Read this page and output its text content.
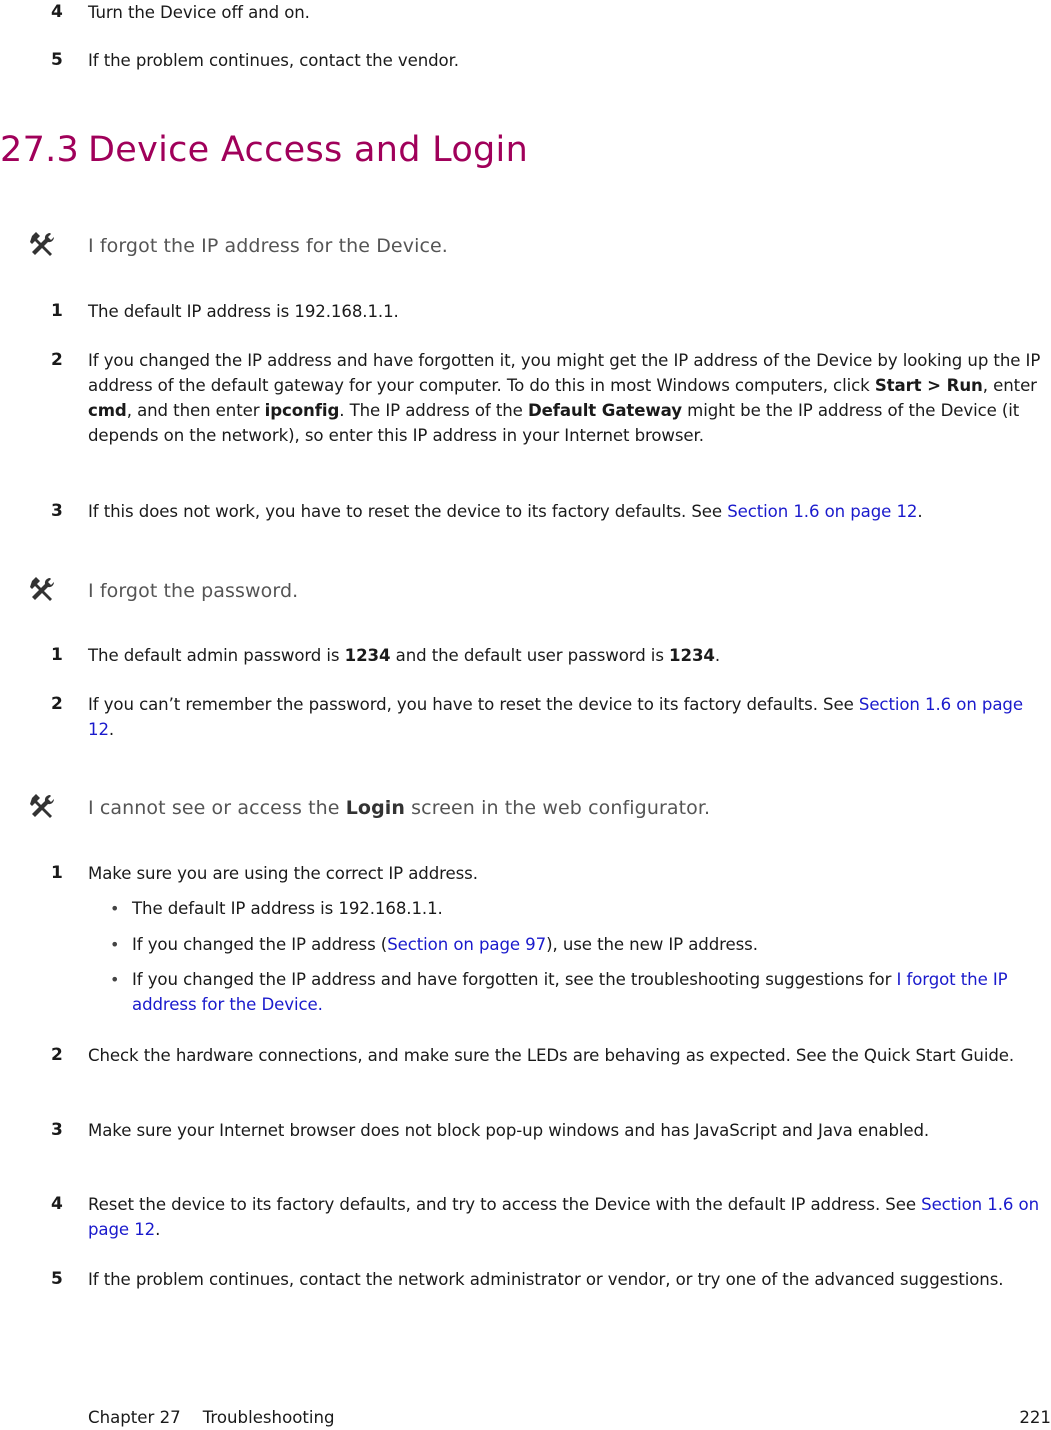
4 Turn the Device off and on.
5 If the problem continues, contact the vendor.
27.3 Device Access and Login
I forgot the IP address for the Device.
1 The default IP address is 192.168.1.1.
2 If you changed the IP address and have forgotten it, you might get the IP address of the Device by looking up the IP address of the default gateway for your computer. To do this in most Windows computers, click Start > Run, enter cmd, and then enter ipconfig. The IP address of the Default Gateway might be the IP address of the Device (it depends on the network), so enter this IP address in your Internet browser.
3 If this does not work, you have to reset the device to its factory defaults. See Section 1.6 on page 12.
I forgot the password.
1 The default admin password is 1234 and the default user password is 1234.
2 If you can’t remember the password, you have to reset the device to its factory defaults. See Section 1.6 on page 12.
I cannot see or access the Login screen in the web configurator.
1 Make sure you are using the correct IP address.
• The default IP address is 192.168.1.1.
• If you changed the IP address (Section on page 97), use the new IP address.
• If you changed the IP address and have forgotten it, see the troubleshooting suggestions for I forgot the IP address for the Device.
2 Check the hardware connections, and make sure the LEDs are behaving as expected. See the Quick Start Guide.
3 Make sure your Internet browser does not block pop-up windows and has JavaScript and Java enabled.
4 Reset the device to its factory defaults, and try to access the Device with the default IP address. See Section 1.6 on page 12.
5 If the problem continues, contact the network administrator or vendor, or try one of the advanced suggestions.
Chapter 27 Troubleshooting	221
